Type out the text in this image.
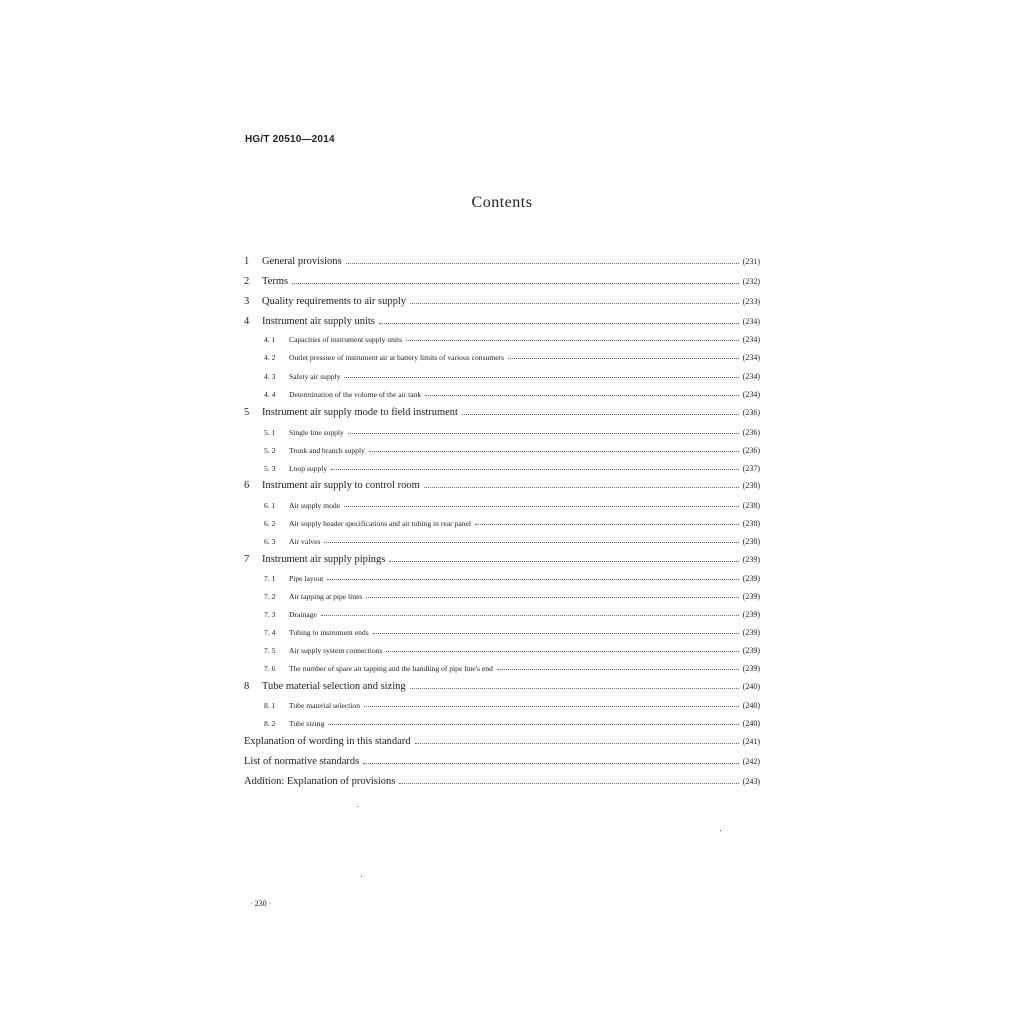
HG/T 20510—2014
Contents
1	General provisions	(231)
2	Terms	(232)
3	Quality requirements to air supply	(233)
4	Instrument air supply units	(234)
4. 1	Capacities of instrument supply units	(234)
4. 2	Outlet pressure of instrument air at battery limits of various consumers	(234)
4. 3	Safety air supply	(234)
4. 4	Determination of the volume of the air tank	(234)
5	Instrument air supply mode to field instrument	(236)
5. 1	Single line supply	(236)
5. 2	Trunk and branch supply	(236)
5. 3	Loop supply	(237)
6	Instrument air supply to control room	(238)
6. 1	Air supply mode	(238)
6. 2	Air supply header specifications and air tubing in rear panel	(238)
6. 3	Air valves	(238)
7	Instrument air supply pipings	(239)
7. 1	Pipe layout	(239)
7. 2	Air tapping at pipe lines	(239)
7. 3	Drainage	(239)
7. 4	Tubing to instrument ends	(239)
7. 5	Air supply system connections	(239)
7. 6	The number of spare air tapping and the handling of pipe line's end	(239)
8	Tube material selection and sizing	(240)
8. 1	Tube material selection	(240)
8. 2	Tube sizing	(240)
Explanation of wording in this standard	(241)
List of normative standards	(242)
Addition: Explanation of provisions	(243)
· 230 ·
